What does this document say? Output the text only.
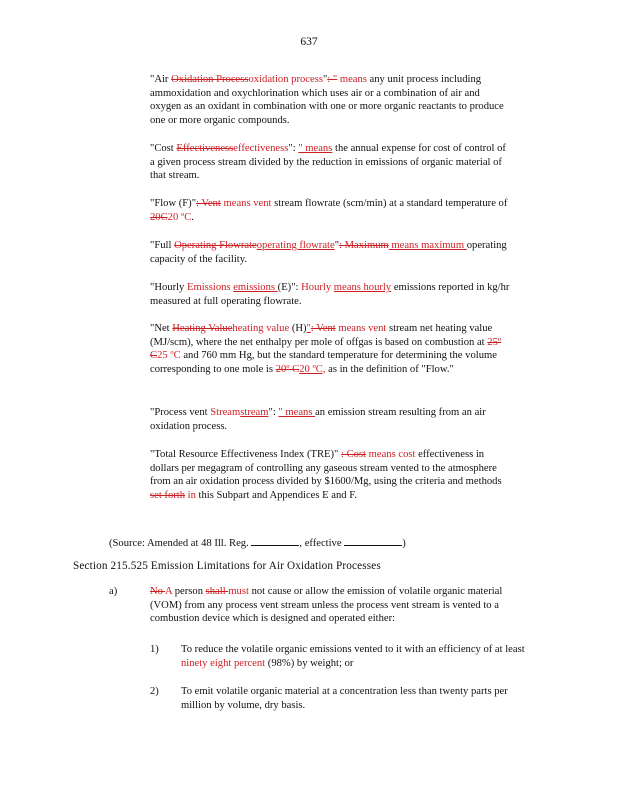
637
"Air Oxidation Processoxidation process": " means any unit process including ammoxidation and oxychlorination which uses air or a combination of air and oxygen as an oxidant in combination with one or more organic reactants to produce one or more organic compounds.
"Cost Effectivenesseffectiveness": " means the annual expense for cost of control of a given process stream divided by the reduction in emissions of organic material of that stream.
"Flow (F)": Vent means vent stream flowrate (scm/min) at a standard temperature of 20C20 ºC.
"Full Operating Flowrateoperating flowrate": Maximum means maximum operating capacity of the facility.
"Hourly Emissions emissions (E)": Hourly means hourly emissions reported in kg/hr measured at full operating flowrate.
"Net Heating Valueheating value (H)": Vent means vent stream net heating value (MJ/scm), where the net enthalpy per mole of offgas is based on combustion at 25º C25 ºC and 760 mm Hg, but the standard temperature for determining the volume corresponding to one mole is 20º C20 ºC, as in the definition of "Flow."
"Process vent Streamstream": " means an emission stream resulting from an air oxidation process.
"Total Resource Effectiveness Index (TRE)" : Cost means cost effectiveness in dollars per megagram of controlling any gaseous stream vented to the atmosphere from an air oxidation process divided by $1600/Mg, using the criteria and methods set forth in this Subpart and Appendices E and F.
(Source: Amended at 48 Ill. Reg.	, effective	)
Section 215.525 Emission Limitations for Air Oxidation Processes
a)	No A person shall must not cause or allow the emission of volatile organic material (VOM) from any process vent stream unless the process vent stream is vented to a combustion device which is designed and operated either:
1) To reduce the volatile organic emissions vented to it with an efficiency of at least ninety eight percent (98%) by weight; or
2) To emit volatile organic material at a concentration less than twenty parts per million by volume, dry basis.
